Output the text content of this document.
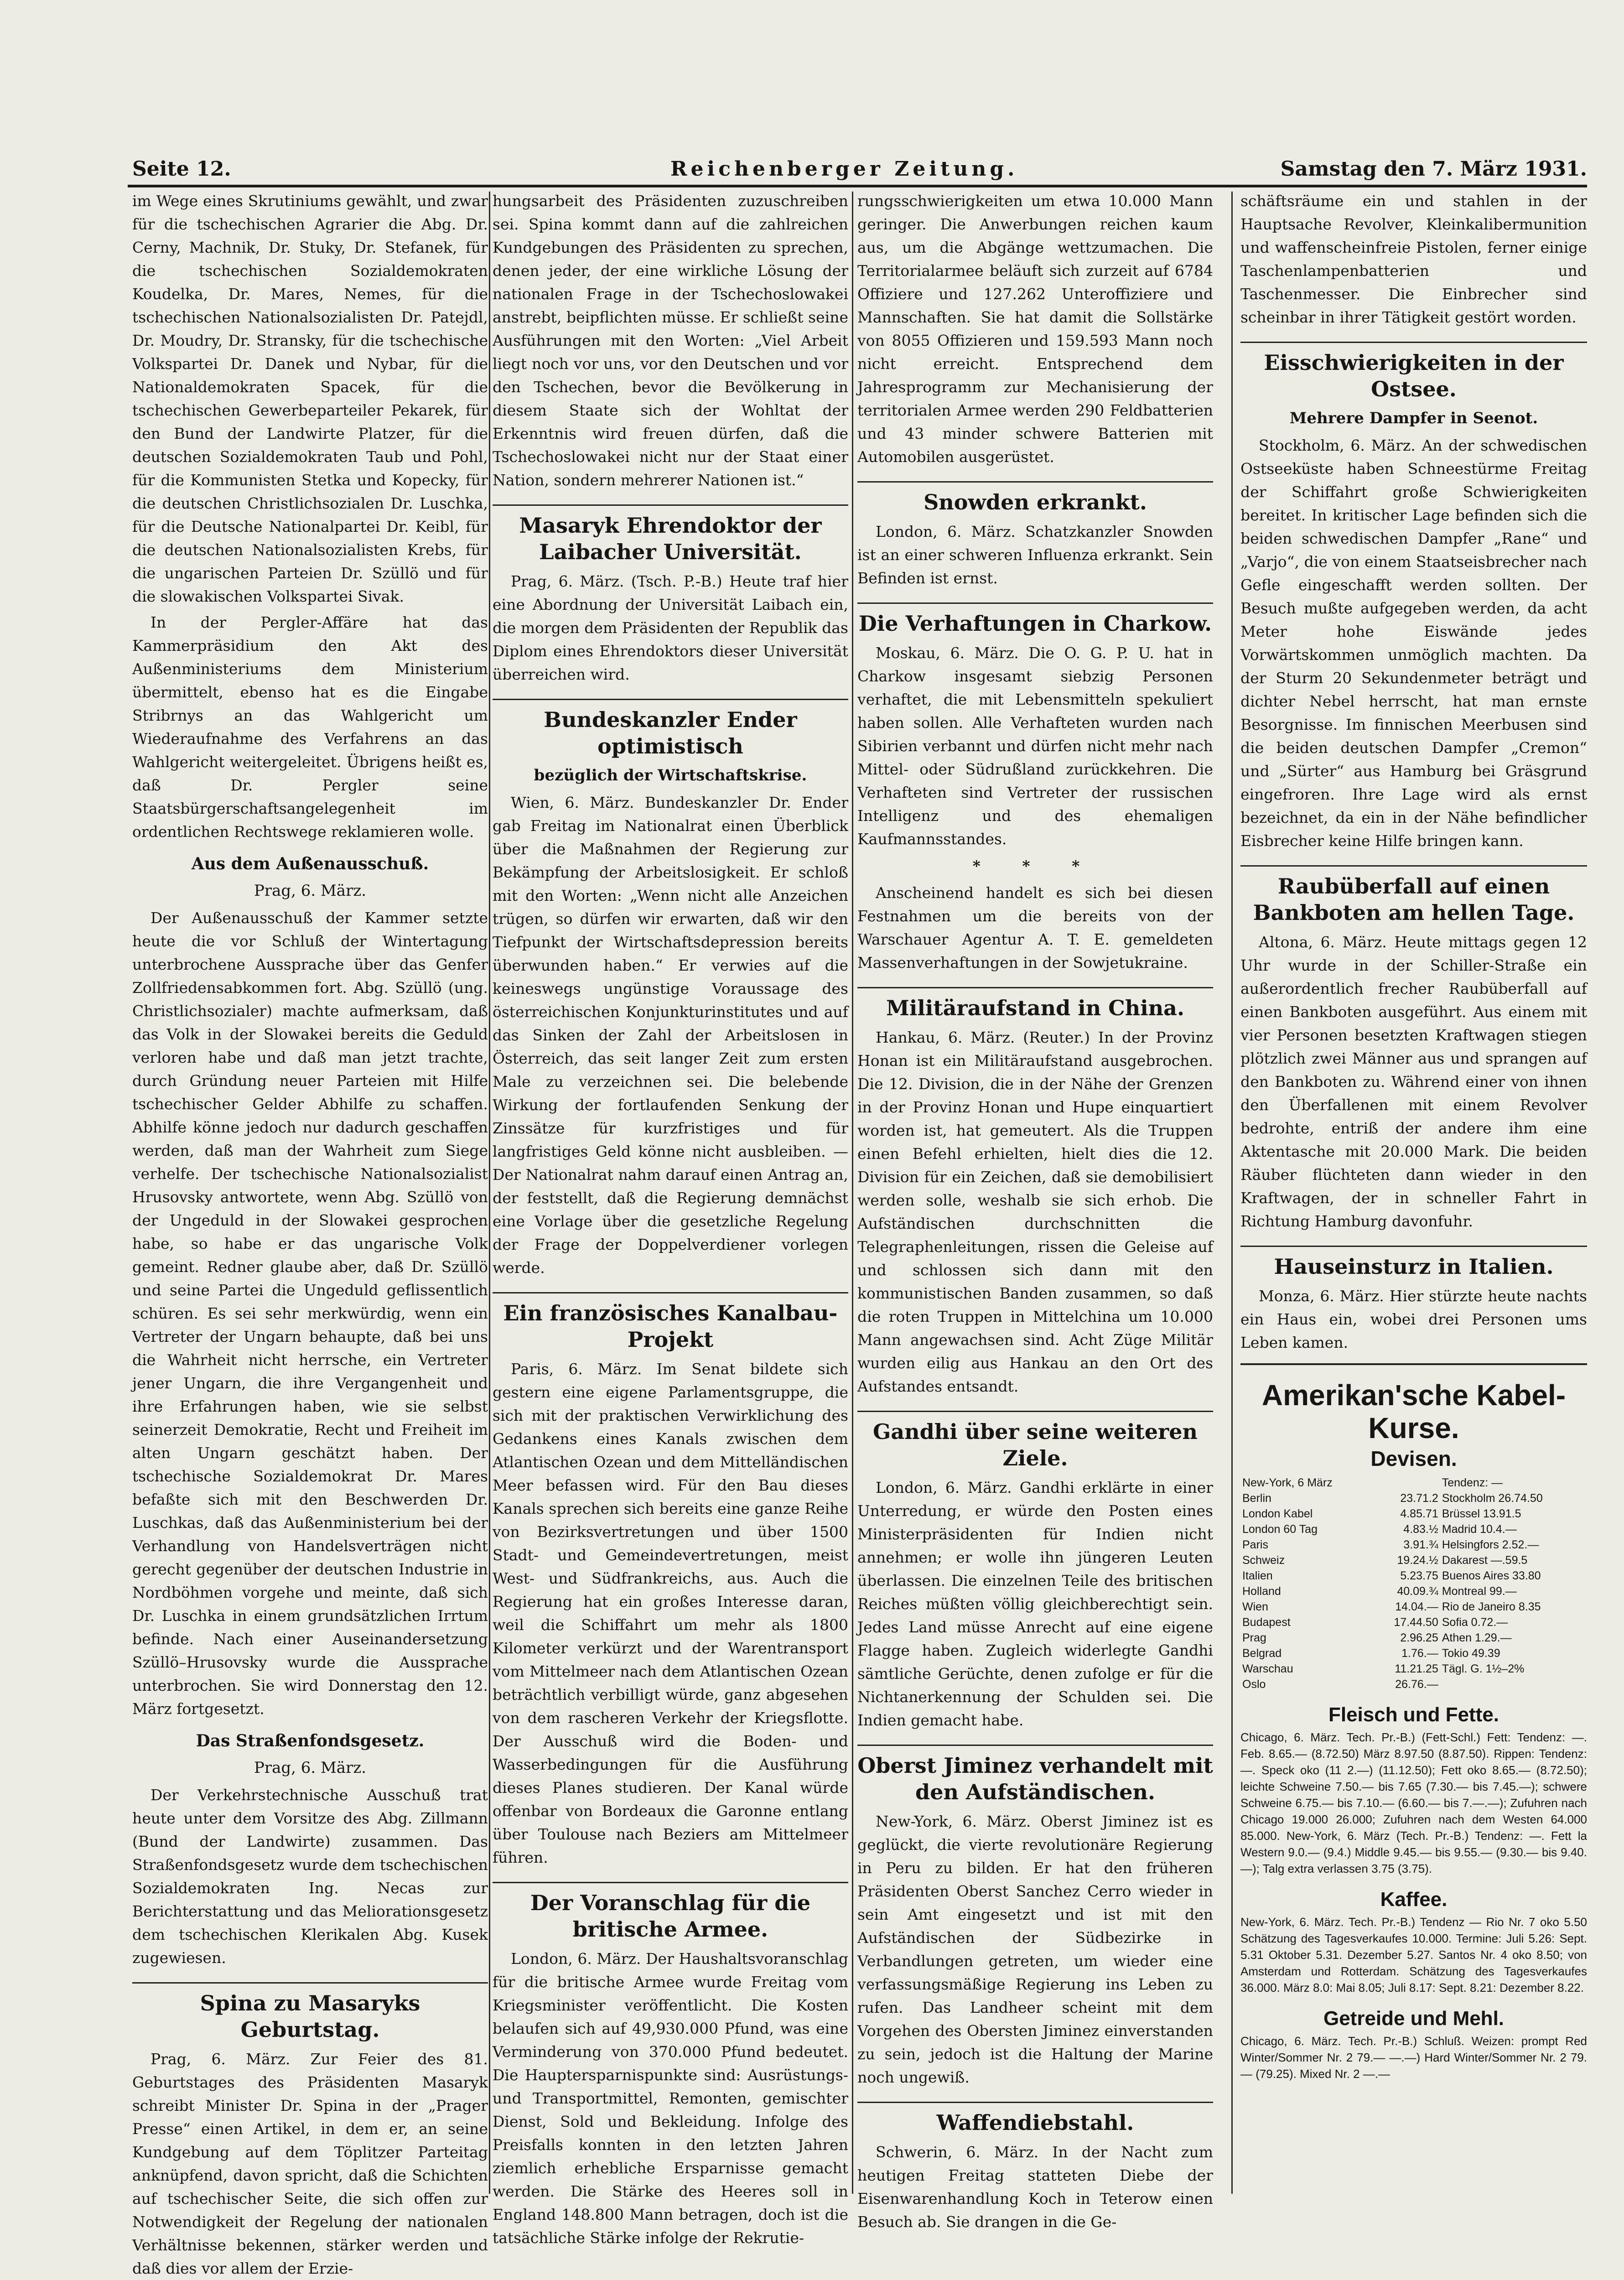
Seite 12.	Reichenberger Zeitung.	Samstag den 7. März 1931.

im Wege eines Skrutiniums gewählt, und zwar für die tschechischen Agrarier die Abg. Dr. Cerny, Machnik, Dr. Stuky, Dr. Stefanek, für die tschechischen Sozialdemokraten Koudelka, Dr. Mares, Nemes, für die tschechischen Nationalsozialisten Dr. Patejdl, Dr. Moudry, Dr. Stransky, für die tschechische Volkspartei Dr. Danek und Nybar, für die Nationaldemokraten Spacek, für die tschechischen Gewerbeparteiler Pekarek, für den Bund der Landwirte Platzer, für die deutschen Sozialdemokraten Taub und Pohl, für die Kommunisten Stetka und Kopecky, für die deutschen Christlichsozialen Dr. Luschka, für die Deutsche Nationalpartei Dr. Keibl, für die deutschen Nationalsozialisten Krebs, für die ungarischen Parteien Dr. Szüllö und für die slowakischen Volkspartei Sivak.

In der Pergler-Affäre hat das Kammerpräsidium den Akt des Außenministeriums dem Ministerium übermittelt, ebenso hat es die Eingabe Stribrnys an das Wahlgericht um Wiederaufnahme des Verfahrens an das Wahlgericht weitergeleitet. Übrigens heißt es, daß Dr. Pergler seine Staatsbürgerschaftsangelegenheit im ordentlichen Rechtswege reklamieren wolle.

Aus dem Außenausschuß.
Prag, 6. März.

Der Außenausschuß der Kammer setzte heute die vor Schluß der Wintertagung unterbrochene Aussprache über das Genfer Zollfriedensabkommen fort. Abg. Szüllö (ung. Christlichsozialer) machte aufmerksam, daß das Volk in der Slowakei bereits die Geduld verloren habe und daß man jetzt trachte, durch Gründung neuer Parteien mit Hilfe tschechischer Gelder Abhilfe zu schaffen. Abhilfe könne jedoch nur dadurch geschaffen werden, daß man der Wahrheit zum Siege verhelfe. Der tschechische Nationalsozialist Hrusovsky antwortete, wenn Abg. Szüllö von der Ungeduld in der Slowakei gesprochen habe, so habe er das ungarische Volk gemeint. Redner glaube aber, daß Dr. Szüllö und seine Partei die Ungeduld geflissentlich schüren. Es sei sehr merkwürdig, wenn ein Vertreter der Ungarn behaupte, daß bei uns die Wahrheit nicht herrsche, ein Vertreter jener Ungarn, die ihre Vergangenheit und ihre Erfahrungen haben, wie sie selbst seinerzeit Demokratie, Recht und Freiheit im alten Ungarn geschätzt haben. Der tschechische Sozialdemokrat Dr. Mares befaßte sich mit den Beschwerden Dr. Luschkas, daß das Außenministerium bei der Verhandlung von Handelsverträgen nicht gerecht gegenüber der deutschen Industrie in Nordböhmen vorgehe und meinte, daß sich Dr. Luschka in einem grundsätzlichen Irrtum befinde. Nach einer Auseinandersetzung Szüllö–Hrusovsky wurde die Aussprache unterbrochen. Sie wird Donnerstag den 12. März fortgesetzt.

Das Straßenfondsgesetz.
Prag, 6. März.

Der Verkehrstechnische Ausschuß trat heute unter dem Vorsitze des Abg. Zillmann (Bund der Landwirte) zusammen. Das Straßenfondsgesetz wurde dem tschechischen Sozialdemokraten Ing. Necas zur Berichterstattung und das Meliorationsgesetz dem tschechischen Klerikalen Abg. Kusek zugewiesen.

Spina zu Masaryks Geburtstag.

Prag, 6. März. Zur Feier des 81. Geburtstages des Präsidenten Masaryk schreibt Minister Dr. Spina in der „Prager Presse“ einen Artikel, in dem er, an seine Kundgebung auf dem Töplitzer Parteitag anknüpfend, davon spricht, daß die Schichten auf tschechischer Seite, die sich offen zur Notwendigkeit der Regelung der nationalen Verhältnisse bekennen, stärker werden und daß dies vor allem der Erzie-

hungsarbeit des Präsidenten zuzuschreiben sei. Spina kommt dann auf die zahlreichen Kundgebungen des Präsidenten zu sprechen, denen jeder, der eine wirkliche Lösung der nationalen Frage in der Tschechoslowakei anstrebt, beipflichten müsse. Er schließt seine Ausführungen mit den Worten: „Viel Arbeit liegt noch vor uns, vor den Deutschen und vor den Tschechen, bevor die Bevölkerung in diesem Staate sich der Wohltat der Erkenntnis wird freuen dürfen, daß die Tschechoslowakei nicht nur der Staat einer Nation, sondern mehrerer Nationen ist.“

Masaryk Ehrendoktor der Laibacher Universität.

Prag, 6. März. (Tsch. P.-B.) Heute traf hier eine Abordnung der Universität Laibach ein, die morgen dem Präsidenten der Republik das Diplom eines Ehrendoktors dieser Universität überreichen wird.

Bundeskanzler Ender optimistisch
bezüglich der Wirtschaftskrise.

Wien, 6. März. Bundeskanzler Dr. Ender gab Freitag im Nationalrat einen Überblick über die Maßnahmen der Regierung zur Bekämpfung der Arbeitslosigkeit. Er schloß mit den Worten: „Wenn nicht alle Anzeichen trügen, so dürfen wir erwarten, daß wir den Tiefpunkt der Wirtschaftsdepression bereits überwunden haben.“ Er verwies auf die keineswegs ungünstige Voraussage des österreichischen Konjunkturinstitutes und auf das Sinken der Zahl der Arbeitslosen in Österreich, das seit langer Zeit zum ersten Male zu verzeichnen sei. Die belebende Wirkung der fortlaufenden Senkung der Zinssätze für kurzfristiges und für langfristiges Geld könne nicht ausbleiben. — Der Nationalrat nahm darauf einen Antrag an, der feststellt, daß die Regierung demnächst eine Vorlage über die gesetzliche Regelung der Frage der Doppelverdiener vorlegen werde.

Ein französisches Kanalbau-Projekt

Paris, 6. März. Im Senat bildete sich gestern eine eigene Parlamentsgruppe, die sich mit der praktischen Verwirklichung des Gedankens eines Kanals zwischen dem Atlantischen Ozean und dem Mittelländischen Meer befassen wird. Für den Bau dieses Kanals sprechen sich bereits eine ganze Reihe von Bezirksvertretungen und über 1500 Stadt- und Gemeindevertretungen, meist West- und Südfrankreichs, aus. Auch die Regierung hat ein großes Interesse daran, weil die Schiffahrt um mehr als 1800 Kilometer verkürzt und der Warentransport vom Mittelmeer nach dem Atlantischen Ozean beträchtlich verbilligt würde, ganz abgesehen von dem rascheren Verkehr der Kriegsflotte. Der Ausschuß wird die Boden- und Wasserbedingungen für die Ausführung dieses Planes studieren. Der Kanal würde offenbar von Bordeaux die Garonne entlang über Toulouse nach Beziers am Mittelmeer führen.

Der Voranschlag für die britische Armee.

London, 6. März. Der Haushaltsvoranschlag für die britische Armee wurde Freitag vom Kriegsminister veröffentlicht. Die Kosten belaufen sich auf 49,930.000 Pfund, was eine Verminderung von 370.000 Pfund bedeutet. Die Hauptersparnispunkte sind: Ausrüstungs- und Transportmittel, Remonten, gemischter Dienst, Sold und Bekleidung. Infolge des Preisfalls konnten in den letzten Jahren ziemlich erhebliche Ersparnisse gemacht werden. Die Stärke des Heeres soll in England 148.800 Mann betragen, doch ist die tatsächliche Stärke infolge der Rekrutie-

rungsschwierigkeiten um etwa 10.000 Mann geringer. Die Anwerbungen reichen kaum aus, um die Abgänge wettzumachen. Die Territorialarmee beläuft sich zurzeit auf 6784 Offiziere und 127.262 Unteroffiziere und Mannschaften. Sie hat damit die Sollstärke von 8055 Offizieren und 159.593 Mann noch nicht erreicht. Entsprechend dem Jahresprogramm zur Mechanisierung der territorialen Armee werden 290 Feldbatterien und 43 minder schwere Batterien mit Automobilen ausgerüstet.

Snowden erkrankt.

London, 6. März. Schatzkanzler Snowden ist an einer schweren Influenza erkrankt. Sein Befinden ist ernst.

Die Verhaftungen in Charkow.

Moskau, 6. März. Die O. G. P. U. hat in Charkow insgesamt siebzig Personen verhaftet, die mit Lebensmitteln spekuliert haben sollen. Alle Verhafteten wurden nach Sibirien verbannt und dürfen nicht mehr nach Mittel- oder Südrußland zurückkehren. Die Verhafteten sind Vertreter der russischen Intelligenz und des ehemaligen Kaufmannsstandes.

* * *

Anscheinend handelt es sich bei diesen Festnahmen um die bereits von der Warschauer Agentur A. T. E. gemeldeten Massenverhaftungen in der Sowjetukraine.

Militäraufstand in China.

Hankau, 6. März. (Reuter.) In der Provinz Honan ist ein Militäraufstand ausgebrochen. Die 12. Division, die in der Nähe der Grenzen in der Provinz Honan und Hupe einquartiert worden ist, hat gemeutert. Als die Truppen einen Befehl erhielten, hielt dies die 12. Division für ein Zeichen, daß sie demobilisiert werden solle, weshalb sie sich erhob. Die Aufständischen durchschnitten die Telegraphenleitungen, rissen die Geleise auf und schlossen sich dann mit den kommunistischen Banden zusammen, so daß die roten Truppen in Mittelchina um 10.000 Mann angewachsen sind. Acht Züge Militär wurden eilig aus Hankau an den Ort des Aufstandes entsandt.

Gandhi über seine weiteren Ziele.

London, 6. März. Gandhi erklärte in einer Unterredung, er würde den Posten eines Ministerpräsidenten für Indien nicht annehmen; er wolle ihn jüngeren Leuten überlassen. Die einzelnen Teile des britischen Reiches müßten völlig gleichberechtigt sein. Jedes Land müsse Anrecht auf eine eigene Flagge haben. Zugleich widerlegte Gandhi sämtliche Gerüchte, denen zufolge er für die Nichtanerkennung der Schulden sei. Die Indien gemacht habe.

Oberst Jiminez verhandelt mit den Aufständischen.

New-York, 6. März. Oberst Jiminez ist es geglückt, die vierte revolutionäre Regierung in Peru zu bilden. Er hat den früheren Präsidenten Oberst Sanchez Cerro wieder in sein Amt eingesetzt und ist mit den Aufständischen der Südbezirke in Verbandlungen getreten, um wieder eine verfassungsmäßige Regierung ins Leben zu rufen. Das Landheer scheint mit dem Vorgehen des Obersten Jiminez einverstanden zu sein, jedoch ist die Haltung der Marine noch ungewiß.

Waffendiebstahl.

Schwerin, 6. März. In der Nacht zum heutigen Freitag statteten Diebe der Eisenwarenhandlung Koch in Teterow einen Besuch ab. Sie drangen in die Ge-

schäftsräume ein und stahlen in der Hauptsache Revolver, Kleinkalibermunition und waffenscheinfreie Pistolen, ferner einige Taschenlampenbatterien und Taschenmesser. Die Einbrecher sind scheinbar in ihrer Tätigkeit gestört worden.

Eisschwierigkeiten in der Ostsee.
Mehrere Dampfer in Seenot.

Stockholm, 6. März. An der schwedischen Ostseeküste haben Schneestürme Freitag der Schiffahrt große Schwierigkeiten bereitet. In kritischer Lage befinden sich die beiden schwedischen Dampfer „Rane“ und „Varjo“, die von einem Staatseisbrecher nach Gefle eingeschafft werden sollten. Der Besuch mußte aufgegeben werden, da acht Meter hohe Eiswände jedes Vorwärtskommen unmöglich machten. Da der Sturm 20 Sekundenmeter beträgt und dichter Nebel herrscht, hat man ernste Besorgnisse. Im finnischen Meerbusen sind die beiden deutschen Dampfer „Cremon“ und „Sürter“ aus Hamburg bei Gräsgrund eingefroren. Ihre Lage wird als ernst bezeichnet, da ein in der Nähe befindlicher Eisbrecher keine Hilfe bringen kann.

Raubüberfall auf einen Bankboten am hellen Tage.

Altona, 6. März. Heute mittags gegen 12 Uhr wurde in der Schiller-Straße ein außerordentlich frecher Raubüberfall auf einen Bankboten ausgeführt. Aus einem mit vier Personen besetzten Kraftwagen stiegen plötzlich zwei Männer aus und sprangen auf den Bankboten zu. Während einer von ihnen den Überfallenen mit einem Revolver bedrohte, entriß der andere ihm eine Aktentasche mit 20.000 Mark. Die beiden Räuber flüchteten dann wieder in den Kraftwagen, der in schneller Fahrt in Richtung Hamburg davonfuhr.

Hauseinsturz in Italien.

Monza, 6. März. Hier stürzte heute nachts ein Haus ein, wobei drei Personen ums Leben kamen.

Amerikan'sche Kabel-Kurse.
Devisen.
New-York, 6 März		Tendenz: —
Berlin	23.71.2	Stockholm 26.74.50
London Kabel	4.85.71	Brüssel 13.91.5
London 60 Tag	4.83.½	Madrid 10.4.—
Paris	3.91.¾	Helsingfors 2.52.—
Schweiz	19.24.½	Dakarest —.59.5
Italien	5.23.75	Buenos Aires 33.80
Holland	40.09.¾	Montreal 99.—
Wien	14.04.—	Rio de Janeiro 8.35
Budapest	17.44.50	Sofia 0.72.—
Prag	2.96.25	Athen 1.29.—
Belgrad	1.76.—	Tokio 49.39
Warschau	11.21.25	Tägl. G. 1½–2%
Oslo	26.76.—	
Fleisch und Fette.
Chicago, 6. März. Tech. Pr.-B.) (Fett-Schl.) Fett: Tendenz: —. Feb. 8.65.— (8.72.50) März 8.97.50 (8.87.50). Rippen: Tendenz: —. Speck oko (11 2.—) (11.12.50); Fett oko 8.65.— (8.72.50); leichte Schweine 7.50.— bis 7.65 (7.30.— bis 7.45.—); schwere Schweine 6.75.— bis 7.10.— (6.60.— bis 7.—.—); Zufuhren nach Chicago 19.000 26.000; Zufuhren nach dem Westen 64.000 85.000. New-York, 6. März (Tech. Pr.-B.) Tendenz: —. Fett la Western 9.0.— (9.4.) Middle 9.45.— bis 9.55.— (9.30.— bis 9.40.—); Talg extra verlassen 3.75 (3.75).
Kaffee.
New-York, 6. März. Tech. Pr.-B.) Tendenz — Rio Nr. 7 oko 5.50 Schätzung des Tagesverkaufes 10.000. Termine: Juli 5.26: Sept. 5.31 Oktober 5.31. Dezember 5.27. Santos Nr. 4 oko 8.50; von Amsterdam und Rotterdam. Schätzung des Tagesverkaufes 36.000. März 8.0: Mai 8.05; Juli 8.17: Sept. 8.21: Dezember 8.22.
Getreide und Mehl.
Chicago, 6. März. Tech. Pr.-B.) Schluß. Weizen: prompt Red Winter/Sommer Nr. 2 79.— —.—) Hard Winter/Sommer Nr. 2 79.— (79.25). Mixed Nr. 2 —.—
